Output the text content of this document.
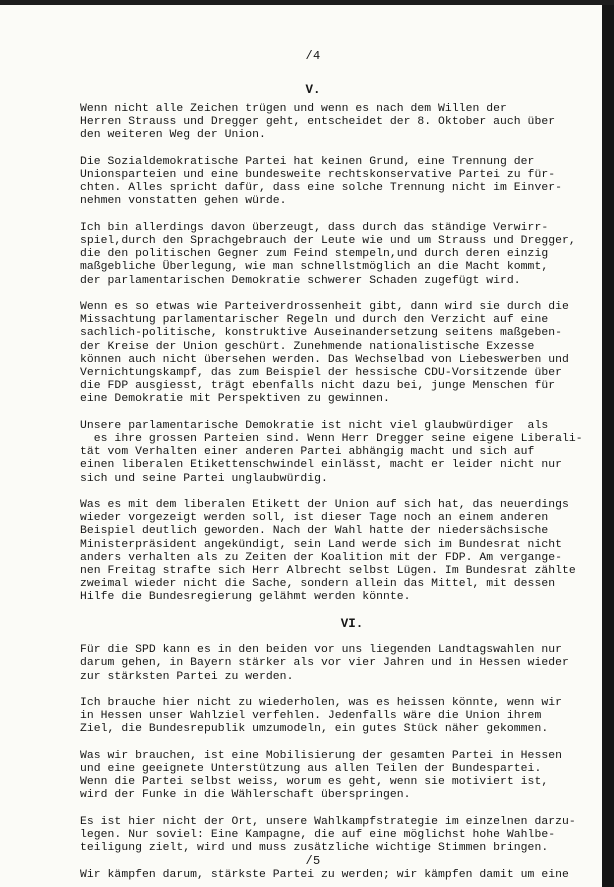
/4
V.

Wenn nicht alle Zeichen trügen und wenn es nach dem Willen der
Herren Strauss und Dregger geht, entscheidet der 8. Oktober auch über
den weiteren Weg der Union.

Die Sozialdemokratische Partei hat keinen Grund, eine Trennung der
Unionsparteien und eine bundesweite rechtskonservative Partei zu für-
chten. Alles spricht dafür, dass eine solche Trennung nicht im Einver-
nehmen vonstatten gehen würde.

Ich bin allerdings davon überzeugt, dass durch das ständige Verwirr-
spiel,durch den Sprachgebrauch der Leute wie und um Strauss und Dregger,
die den politischen Gegner zum Feind stempeln,und durch deren einzig
maßgebliche Überlegung, wie man schnellstmöglich an die Macht kommt,
der parlamentarischen Demokratie schwerer Schaden zugefügt wird.

Wenn es so etwas wie Parteiverdrossenheit gibt, dann wird sie durch die
Missachtung parlamentarischer Regeln und durch den Verzicht auf eine
sachlich-politische, konstruktive Auseinandersetzung seitens maßgeben-
der Kreise der Union geschürt. Zunehmende nationalistische Exzesse
können auch nicht übersehen werden. Das Wechselbad von Liebeswerben und
Vernichtungskampf, das zum Beispiel der hessische CDU-Vorsitzende über
die FDP ausgiesst, trägt ebenfalls nicht dazu bei, junge Menschen für
eine Demokratie mit Perspektiven zu gewinnen.

Unsere parlamentarische Demokratie ist nicht viel glaubwürdiger  als
es ihre grossen Parteien sind. Wenn Herr Dregger seine eigene Liberali-
tät vom Verhalten einer anderen Partei abhängig macht und sich auf
einen liberalen Etikettenschwindel einlässt, macht er leider nicht nur
sich und seine Partei unglaubwürdig.

Was es mit dem liberalen Etikett der Union auf sich hat, das neuerdings
wieder vorgezeigt werden soll, ist dieser Tage noch an einem anderen
Beispiel deutlich geworden. Nach der Wahl hatte der niedersächsische
Ministerpräsident angekündigt, sein Land werde sich im Bundesrat nicht
anders verhalten als zu Zeiten der Koalition mit der FDP. Am vergange-
nen Freitag strafte sich Herr Albrecht selbst Lügen. Im Bundesrat zählte
zweimal wieder nicht die Sache, sondern allein das Mittel, mit dessen
Hilfe die Bundesregierung gelähmt werden könnte.

VI.

Für die SPD kann es in den beiden vor uns liegenden Landtagswahlen nur
darum gehen, in Bayern stärker als vor vier Jahren und in Hessen wieder
zur stärksten Partei zu werden.

Ich brauche hier nicht zu wiederholen, was es heissen könnte, wenn wir
in Hessen unser Wahlziel verfehlen. Jedenfalls wäre die Union ihrem
Ziel, die Bundesrepublik umzumodeln, ein gutes Stück näher gekommen.

Was wir brauchen, ist eine Mobilisierung der gesamten Partei in Hessen
und eine geeignete Unterstützung aus allen Teilen der Bundespartei.
Wenn die Partei selbst weiss, worum es geht, wenn sie motiviert ist,
wird der Funke in die Wählerschaft überspringen.

Es ist hier nicht der Ort, unsere Wahlkampfstrategie im einzelnen darzu-
legen. Nur soviel: Eine Kampagne, die auf eine möglichst hohe Wahlbe-
teiligung zielt, wird und muss zusätzliche wichtige Stimmen bringen.

Wir kämpfen darum, stärkste Partei zu werden; wir kämpfen damit um eine

/5
